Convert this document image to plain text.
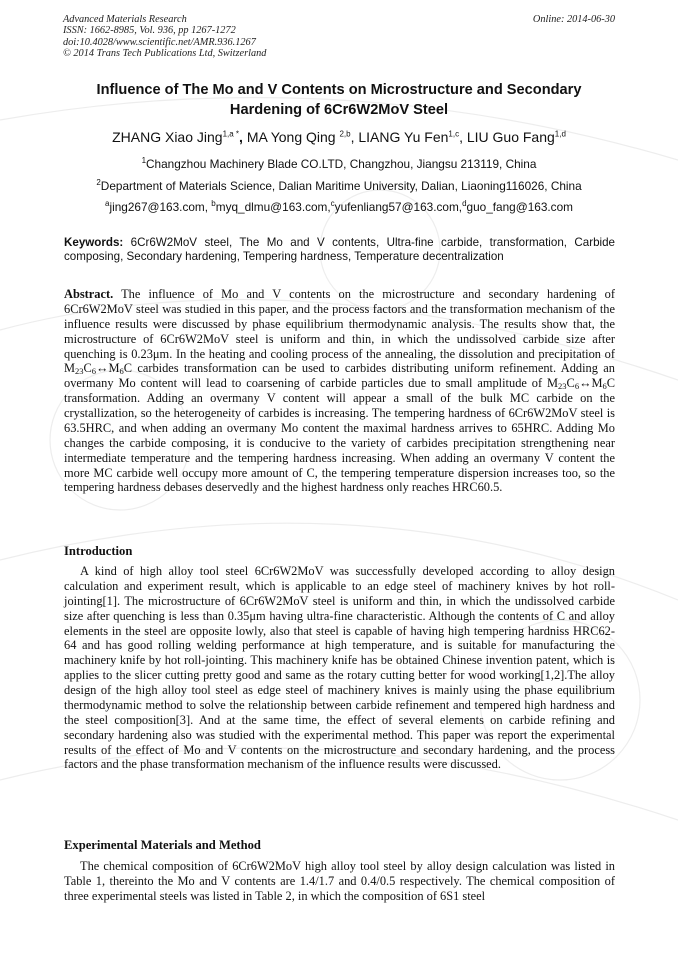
Advanced Materials Research
ISSN: 1662-8985, Vol. 936, pp 1267-1272
doi:10.4028/www.scientific.net/AMR.936.1267
© 2014 Trans Tech Publications Ltd, Switzerland
Online: 2014-06-30
Influence of The Mo and V Contents on Microstructure and Secondary
Hardening of 6Cr6W2MoV Steel
ZHANG Xiao Jing$^{1,a *}$, MA Yong Qing $^{2,b}$, LIANG Yu Fen$^{1,c}$, LIU Guo Fang$^{1,d}$
$^1$Changzhou Machinery Blade CO.LTD, Changzhou, Jiangsu 213119, China
$^2$Department of Materials Science, Dalian Maritime University, Dalian, Liaoning116026, China
$^a$jing267@163.com, $^b$myq_dlmu@163.com,$^c$yufenliang57@163.com,$^d$guo_fang@163.com
Keywords: 6Cr6W2MoV steel, The Mo and V contents, Ultra-fine carbide, transformation, Carbide composing, Secondary hardening, Tempering hardness, Temperature decentralization
Abstract. The influence of Mo and V contents on the microstructure and secondary hardening of 6Cr6W2MoV steel was studied in this paper, and the process factors and the transformation mechanism of the influence results were discussed by phase equilibrium thermodynamic analysis. The results show that, the microstructure of 6Cr6W2MoV steel is uniform and thin, in which the undissolved carbide size after quenching is 0.23μm. In the heating and cooling process of the annealing, the dissolution and precipitation of $M_{23}C_6\leftrightarrow M_6C$ carbides transformation can be used to carbides distributing uniform refinement. Adding an overmany Mo content will lead to coarsening of carbide particles due to small amplitude of $M_{23}C_6\leftrightarrow M_6C$ transformation. Adding an overmany V content will appear a small of the bulk MC carbide on the crystallization, so the heterogeneity of carbides is increasing. The tempering hardness of 6Cr6W2MoV steel is 63.5HRC, and when adding an overmany Mo content the maximal hardness arrives to 65HRC. Adding Mo changes the carbide composing, it is conducive to the variety of carbides precipitation strengthening near intermediate temperature and the tempering hardness increasing. When adding an overmany V content the more MC carbide well occupy more amount of C, the tempering temperature dispersion increases too, so the tempering hardness debases deservedly and the highest hardness only reaches HRC60.5.
Introduction
A kind of high alloy tool steel 6Cr6W2MoV was successfully developed according to alloy design calculation and experiment result, which is applicable to an edge steel of machinery knives by hot roll-jointing[1]. The microstructure of 6Cr6W2MoV steel is uniform and thin, in which the undissolved carbide size after quenching is less than 0.35μm having ultra-fine characteristic. Although the contents of C and alloy elements in the steel are opposite lowly, also that steel is capable of having high tempering hardniss HRC62-64 and has good rolling welding performance at high temperature, and is suitable for manufacturing the machinery knife by hot roll-jointing. This machinery knife has be obtained Chinese invention patent, which is applies to the slicer cutting pretty good and same as the rotary cutting better for wood working[1,2].The alloy design of the high alloy tool steel as edge steel of machinery knives is mainly using the phase equilibrium thermodynamic method to solve the relationship between carbide refinement and tempered high hardness and the steel composition[3]. And at the same time, the effect of several elements on carbide refining and secondary hardening also was studied with the experimental method. This paper was report the experimental results of the effect of Mo and V contents on the microstructure and secondary hardening, and the process factors and the phase transformation mechanism of the influence results were discussed.
Experimental Materials and Method
The chemical composition of 6Cr6W2MoV high alloy tool steel by alloy design calculation was listed in Table 1, thereinto the Mo and V contents are 1.4/1.7 and 0.4/0.5 respectively. The chemical composition of three experimental steels was listed in Table 2, in which the composition of 6S1 steel
